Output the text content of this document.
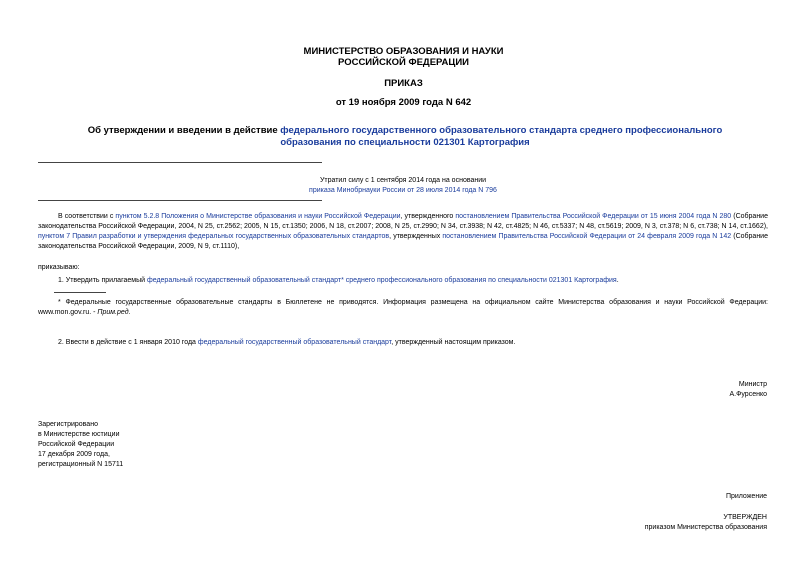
МИНИСТЕРСТВО ОБРАЗОВАНИЯ И НАУКИ
РОССИЙСКОЙ ФЕДЕРАЦИИ
ПРИКАЗ
от 19 ноября 2009 года N 642
Об утверждении и введении в действие федерального государственного образовательного стандарта среднего профессионального образования по специальности 021301 Картография
Утратил силу с 1 сентября 2014 года на основании
приказа Минобрнауки России от 28 июля 2014 года N 796
В соответствии с пунктом 5.2.8 Положения о Министерстве образования и науки Российской Федерации, утвержденного постановлением Правительства Российской Федерации от 15 июня 2004 года N 280 (Собрание законодательства Российской Федерации, 2004, N 25, ст.2562; 2005, N 15, ст.1350; 2006, N 18, ст.2007; 2008, N 25, ст.2990; N 34, ст.3938; N 42, ст.4825; N 46, ст.5337; N 48, ст.5619; 2009, N 3, ст.378; N 6, ст.738; N 14, ст.1662), пунктом 7 Правил разработки и утверждения федеральных государственных образовательных стандартов, утвержденных постановлением Правительства Российской Федерации от 24 февраля 2009 года N 142 (Собрание законодательства Российской Федерации, 2009, N 9, ст.1110),
приказываю:
1. Утвердить прилагаемый федеральный государственный образовательный стандарт* среднего профессионального образования по специальности 021301 Картография.
* Федеральные государственные образовательные стандарты в Бюллетене не приводятся. Информация размещена на официальном сайте Министерства образования и науки Российской Федерации: www.mon.gov.ru. - Прим.ред.
2. Ввести в действие с 1 января 2010 года федеральный государственный образовательный стандарт, утвержденный настоящим приказом.
Министр
А.Фурсенко
Зарегистрировано
в Министерстве юстиции
Российской Федерации
17 декабря 2009 года,
регистрационный N 15711
Приложение
УТВЕРЖДЕН
приказом Министерства образования
